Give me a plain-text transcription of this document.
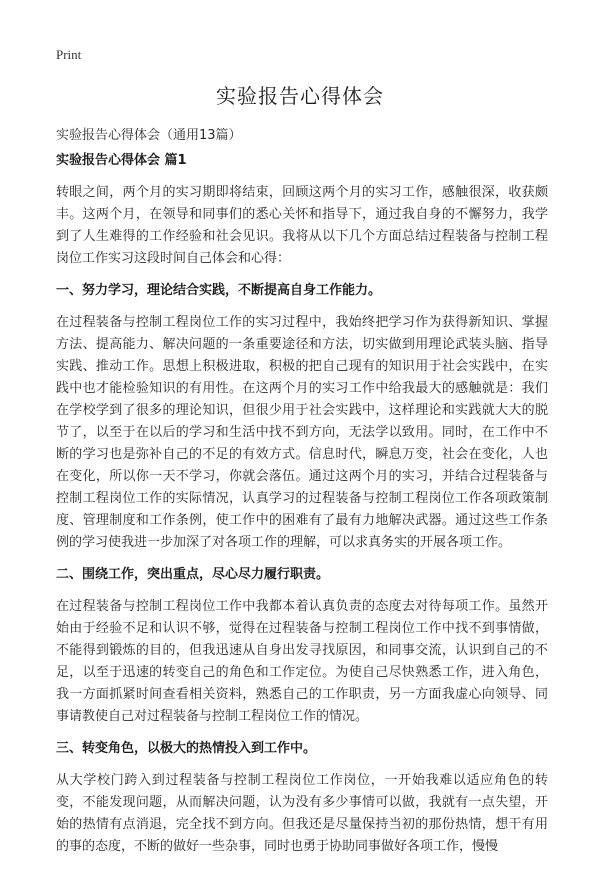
Print
实验报告心得体会
实验报告心得体会（通用13篇）
实验报告心得体会 篇1

转眼之间，两个月的实习期即将结束，回顾这两个月的实习工作，感触很深，收获颇丰。这两个月，在领导和同事们的悉心关怀和指导下，通过我自身的不懈努力，我学到了人生难得的工作经验和社会见识。我将从以下几个方面总结过程装备与控制工程岗位工作实习这段时间自己体会和心得：

一、努力学习，理论结合实践，不断提高自身工作能力。

在过程装备与控制工程岗位工作的实习过程中，我始终把学习作为获得新知识、掌握方法、提高能力、解决问题的一条重要途径和方法，切实做到用理论武装头脑、指导实践、推动工作。思想上积极进取，积极的把自己现有的知识用于社会实践中，在实践中也才能检验知识的有用性。在这两个月的实习工作中给我最大的感触就是：我们在学校学到了很多的理论知识，但很少用于社会实践中，这样理论和实践就大大的脱节了，以至于在以后的学习和生活中找不到方向，无法学以致用。同时，在工作中不断的学习也是弥补自己的不足的有效方式。信息时代，瞬息万变，社会在变化，人也在变化，所以你一天不学习，你就会落伍。通过这两个月的实习，并结合过程装备与控制工程岗位工作的实际情况，认真学习的过程装备与控制工程岗位工作各项政策制度、管理制度和工作条例，使工作中的困难有了最有力地解决武器。通过这些工作条例的学习使我进一步加深了对各项工作的理解，可以求真务实的开展各项工作。

二、围绕工作，突出重点，尽心尽力履行职责。

在过程装备与控制工程岗位工作中我都本着认真负责的态度去对待每项工作。虽然开始由于经验不足和认识不够，觉得在过程装备与控制工程岗位工作中找不到事情做，不能得到锻炼的目的，但我迅速从自身出发寻找原因，和同事交流，认识到自己的不足，以至于迅速的转变自己的角色和工作定位。为使自己尽快熟悉工作，进入角色，我一方面抓紧时间查看相关资料，熟悉自己的工作职责，另一方面我虚心向领导、同事请教使自己对过程装备与控制工程岗位工作的情况。

三、转变角色，以极大的热情投入到工作中。

从大学校门跨入到过程装备与控制工程岗位工作岗位，一开始我难以适应角色的转变，不能发现问题，从而解决问题，认为没有多少事情可以做，我就有一点失望，开始的热情有点消退，完全找不到方向。但我还是尽量保持当初的那份热情，想干有用的事的态度，不断的做好一些杂事，同时也勇于协助同事做好各项工作，慢慢
